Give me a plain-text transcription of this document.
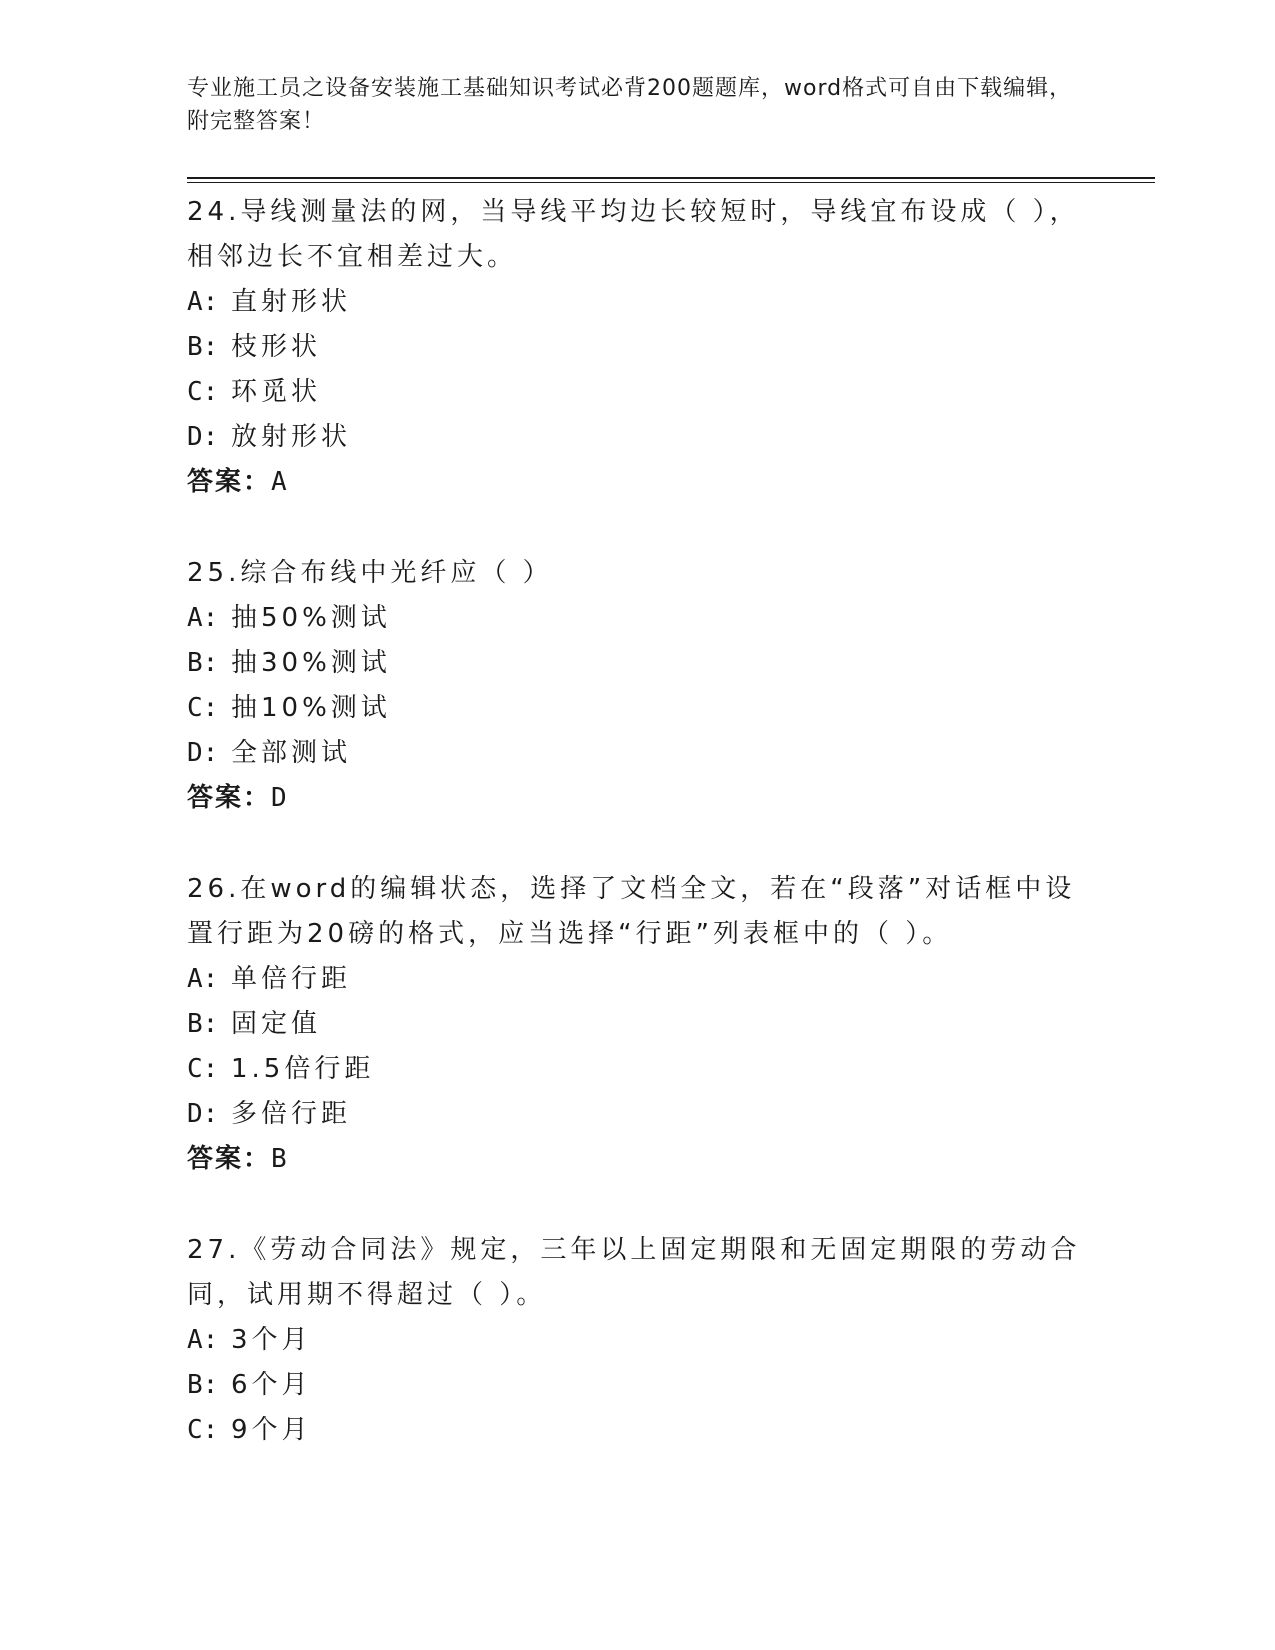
专业施工员之设备安装施工基础知识考试必背200题题库，word格式可自由下载编辑，附完整答案！
24.导线测量法的网，当导线平均边长较短时，导线宜布设成（ ），相邻边长不宜相差过大。
A: 直射形状
B: 枝形状
C: 环觅状
D: 放射形状
答案：A
25.综合布线中光纤应（ ）
A: 抽50%测试
B: 抽30%测试
C: 抽10%测试
D: 全部测试
答案：D
26.在word的编辑状态，选择了文档全文，若在“段落”对话框中设置行距为20磅的格式，应当选择“行距”列表框中的（ ）。
A: 单倍行距
B: 固定值
C: 1.5倍行距
D: 多倍行距
答案：B
27.《劳动合同法》规定，三年以上固定期限和无固定期限的劳动合同，试用期不得超过（ ）。
A: 3个月
B: 6个月
C: 9个月
